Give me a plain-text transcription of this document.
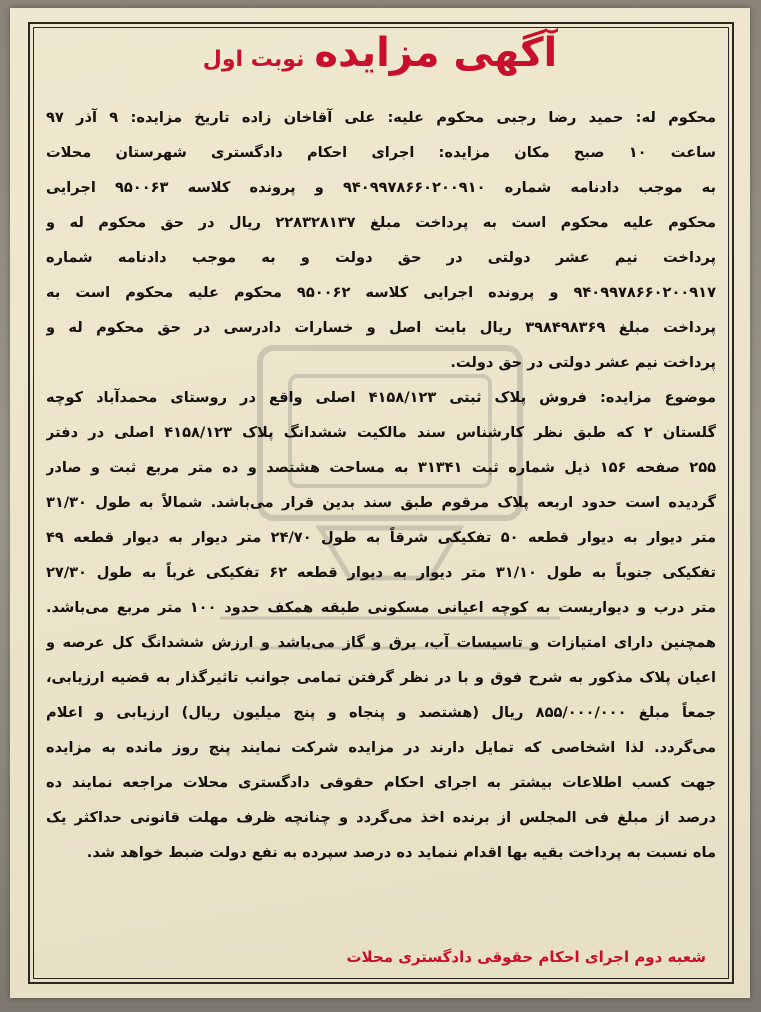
آگهی مزایده
نوبت اول
محکوم له: حمید رضا رجبی محکوم علیه: علی آقاخان زاده تاریخ مزایده: ۹ آذر ۹۷
ساعت ۱۰ صبح مکان مزایده: اجرای احکام دادگستری شهرستان محلات
به موجب دادنامه شماره ۹۴۰۹۹۷۸۶۶۰۲۰۰۹۱۰ و پرونده کلاسه ۹۵۰۰۶۳ اجرایی
محکوم علیه محکوم است به پرداخت مبلغ ۲۲۸۳۲۸۱۳۷ ریال در حق محکوم له و
پرداخت نیم عشر دولتی در حق دولت و به موجب دادنامه شماره
۹۴۰۹۹۷۸۶۶۰۲۰۰۹۱۷ و پرونده اجرایی کلاسه ۹۵۰۰۶۲ محکوم علیه محکوم است به
پرداخت مبلغ ۳۹۸۴۹۸۳۶۹ ریال بابت اصل و خسارات دادرسی در حق محکوم له و
پرداخت نیم عشر دولتی در حق دولت.
موضوع مزایده: فروش پلاک ثبتی ۴۱۵۸/۱۲۳ اصلی واقع در روستای محمدآباد کوچه
گلستان ۲ که طبق نظر کارشناس سند مالکیت ششدانگ پلاک ۴۱۵۸/۱۲۳ اصلی در دفتر
۲۵۵ صفحه ۱۵۶ ذیل شماره ثبت ۳۱۳۴۱ به مساحت هشتصد و ده متر مربع ثبت و صادر
گردیده است حدود اربعه پلاک مرقوم طبق سند بدین قرار می‌باشد. شمالاً به طول ۳۱/۳۰
متر دیوار به دیوار قطعه ۵۰ تفکیکی شرقاً به طول ۲۴/۷۰ متر دیوار به دیوار قطعه ۴۹
تفکیکی جنوباً به طول ۳۱/۱۰ متر دیوار به دیوار قطعه ۶۲ تفکیکی غرباً به طول ۲۷/۳۰
متر درب و دیواریست به کوچه اعیانی مسکونی طبقه همکف حدود ۱۰۰ متر مربع می‌باشد.
همچنین دارای امتیازات و تاسیسات آب، برق و گاز می‌باشد و ارزش ششدانگ کل عرصه و
اعیان پلاک مذکور به شرح فوق و با در نظر گرفتن تمامی جوانب تاثیرگذار به قضیه ارزیابی،
جمعاً مبلغ ۸۵۵/۰۰۰/۰۰۰ ریال (هشتصد و پنجاه و پنج میلیون ریال) ارزیابی و اعلام
می‌گردد. لذا اشخاصی که تمایل دارند در مزایده شرکت نمایند پنج روز مانده به مزایده
جهت کسب اطلاعات بیشتر به اجرای احکام حقوقی دادگستری محلات مراجعه نمایند ده
درصد از مبلغ فی المجلس از برنده اخذ می‌گردد و چنانچه ظرف مهلت قانونی حداکثر یک
ماه نسبت به پرداخت بقیه بها اقدام ننماید ده درصد سپرده به نفع دولت ضبط خواهد شد.
شعبه دوم اجرای احکام حقوقی دادگستری محلات
